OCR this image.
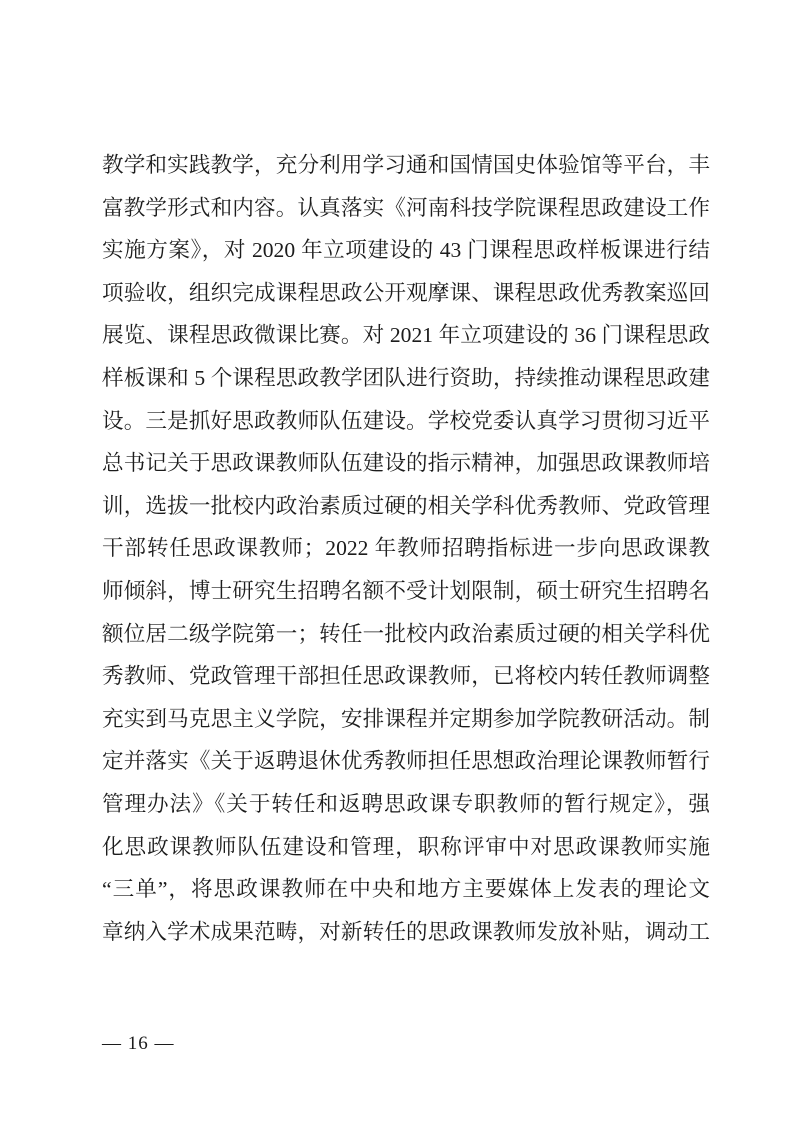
教学和实践教学，充分利用学习通和国情国史体验馆等平台，丰
富教学形式和内容。认真落实《河南科技学院课程思政建设工作
实施方案》，对 2020 年立项建设的 43 门课程思政样板课进行结
项验收，组织完成课程思政公开观摩课、课程思政优秀教案巡回
展览、课程思政微课比赛。对 2021 年立项建设的 36 门课程思政
样板课和 5 个课程思政教学团队进行资助，持续推动课程思政建
设。三是抓好思政教师队伍建设。学校党委认真学习贯彻习近平
总书记关于思政课教师队伍建设的指示精神，加强思政课教师培
训，选拔一批校内政治素质过硬的相关学科优秀教师、党政管理
干部转任思政课教师；2022 年教师招聘指标进一步向思政课教
师倾斜，博士研究生招聘名额不受计划限制，硕士研究生招聘名
额位居二级学院第一；转任一批校内政治素质过硬的相关学科优
秀教师、党政管理干部担任思政课教师，已将校内转任教师调整
充实到马克思主义学院，安排课程并定期参加学院教研活动。制
定并落实《关于返聘退休优秀教师担任思想政治理论课教师暂行
管理办法》《关于转任和返聘思政课专职教师的暂行规定》，强
化思政课教师队伍建设和管理，职称评审中对思政课教师实施
“三单”，将思政课教师在中央和地方主要媒体上发表的理论文
章纳入学术成果范畴，对新转任的思政课教师发放补贴，调动工
— 16 —
